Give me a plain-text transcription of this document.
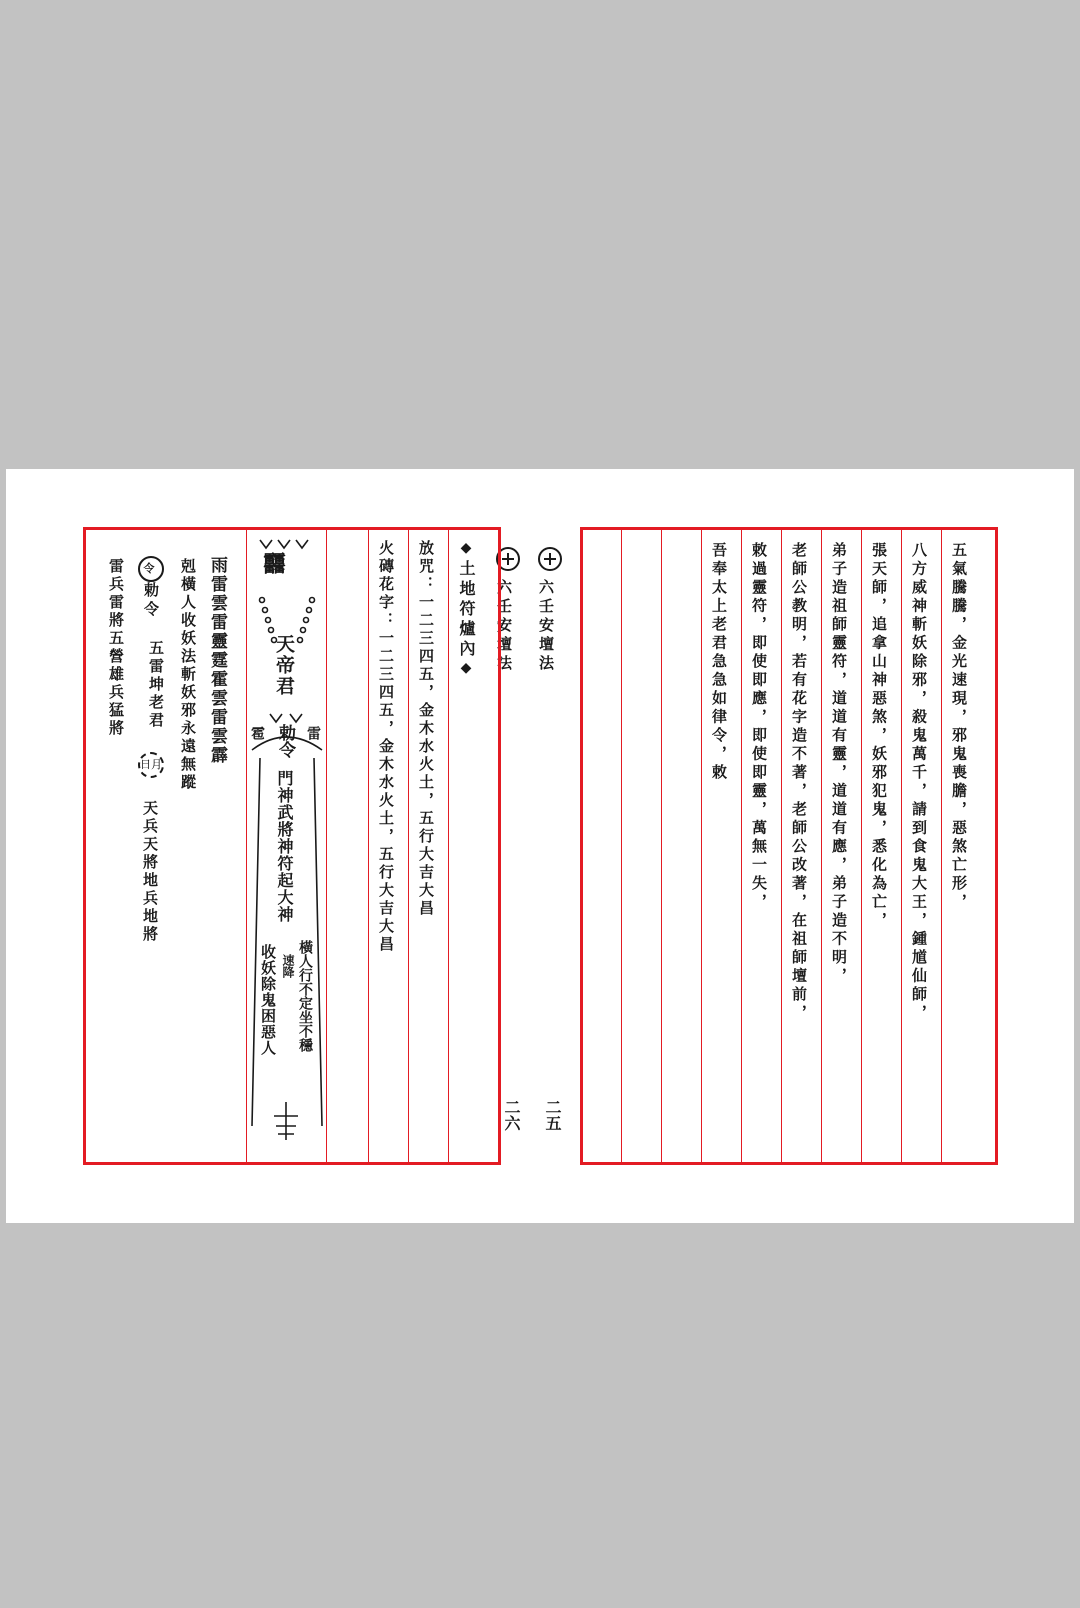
五氣騰騰，金光速現，邪鬼喪膽，惡煞亡形，
八方威神斬妖除邪，殺鬼萬千，請到食鬼大王，鍾馗仙師，
張天師，追拿山神惡煞，妖邪犯鬼，悉化為亡，
弟子造祖師靈符，道道有靈，道道有應，弟子造不明，
老師公教明，若有花字造不著，老師公改著，在祖師壇前，
敕過靈符，即使即應，即使即靈，萬無一失，
吾奉太上老君急急如律令，敕
六壬安壇法
二五
六壬安壇法
二六
◆土地符爐內◆
放咒：一二三四五，金木水火土，五行大吉大昌
火磚花字：一二三四五，金木水火土，五行大吉大昌
䨻
天帝君
雹 勅令 雷
門神武將神符起大神
速降 橫人行不定坐不穩
收妖除鬼困惡人
雨雷雲雷靈霆霍雲雷雲霹
剋橫人收妖法斬妖邪永遠無蹤
令勅令
五雷坤老君
日月
天兵天將地兵地將
雷兵雷將五營雄兵猛將
